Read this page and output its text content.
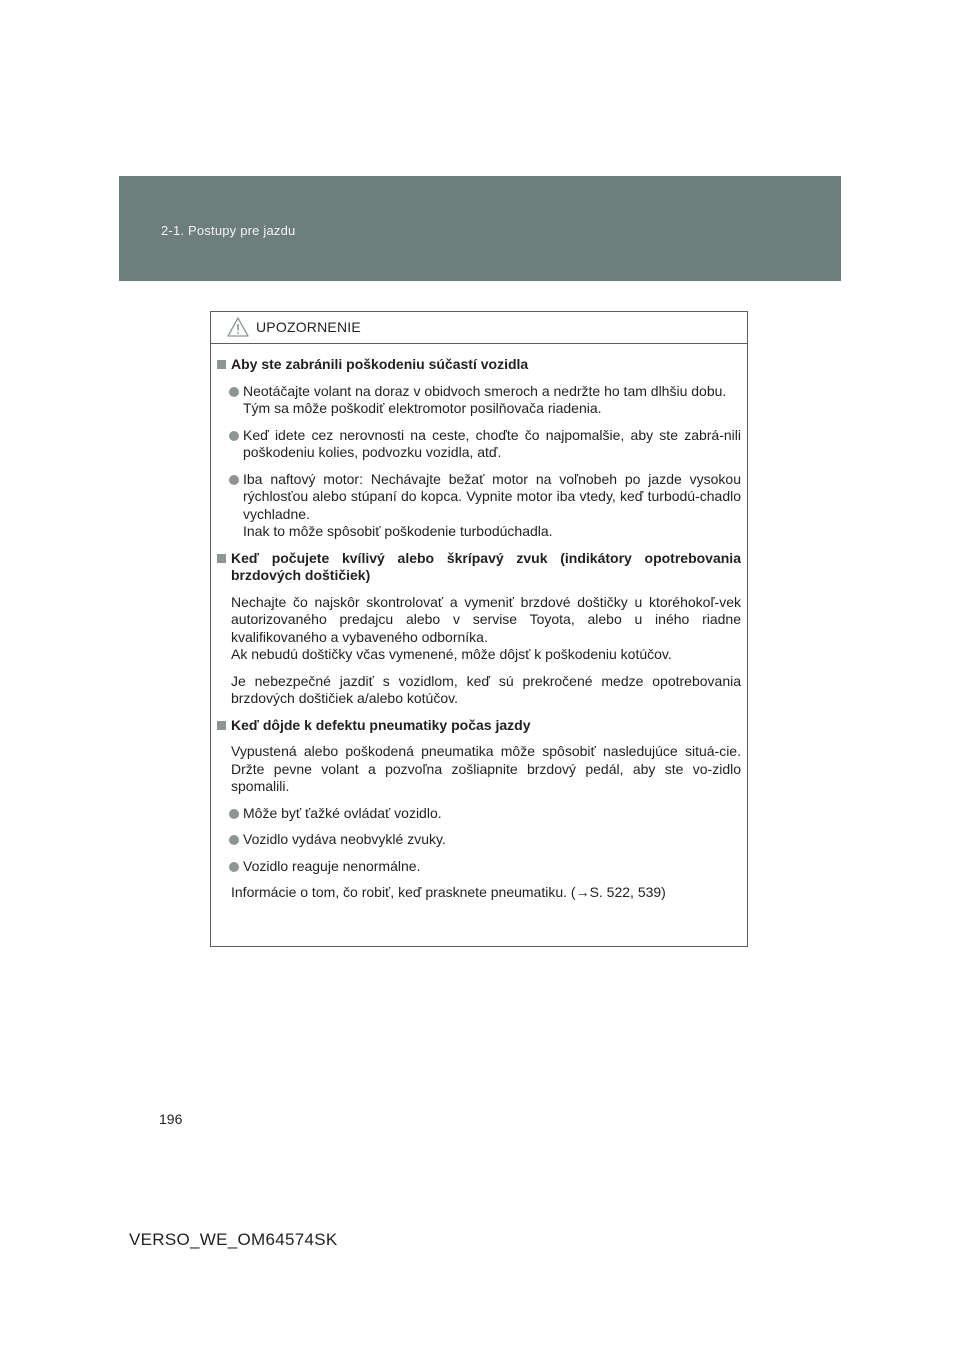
2-1. Postupy pre jazdu
UPOZORNENIE
Aby ste zabránili poškodeniu súčastí vozidla
Neotáčajte volant na doraz v obidvoch smeroch a nedržte ho tam dlhšiu dobu.
Tým sa môže poškodiť elektromotor posilňovača riadenia.
Keď idete cez nerovnosti na ceste, choďte čo najpomalšie, aby ste zabrá-nili poškodeniu kolies, podvozku vozidla, atď.
Iba naftový motor: Nechávajte bežať motor na voľnobeh po jazde vysokou rýchlosťou alebo stúpaní do kopca. Vypnite motor iba vtedy, keď turbodú-chadlo vychladne.
Inak to môže spôsobiť poškodenie turbodúchadla.
Keď počujete kvílivý alebo škrípavý zvuk (indikátory opotrebovania brzdových doštičiek)
Nechajte čo najskôr skontrolovať a vymeniť brzdové doštičky u ktoréhokoľ-vek autorizovaného predajcu alebo v servise Toyota, alebo u iného riadne kvalifikovaného a vybaveného odborníka.
Ak nebudú doštičky včas vymenené, môže dôjsť k poškodeniu kotúčov.
Je nebezpečné jazdiť s vozidlom, keď sú prekročené medze opotrebovania brzdových doštičiek a/alebo kotúčov.
Keď dôjde k defektu pneumatiky počas jazdy
Vypustená alebo poškodená pneumatika môže spôsobiť nasledujúce situá-cie. Držte pevne volant a pozvoľna zošliapnite brzdový pedál, aby ste vo-zidlo spomalili.
Môže byť ťažké ovládať vozidlo.
Vozidlo vydáva neobvyklé zvuky.
Vozidlo reaguje nenormálne.
Informácie o tom, čo robiť, keď prasknete pneumatiku. (→S. 522, 539)
196
VERSO_WE_OM64574SK
